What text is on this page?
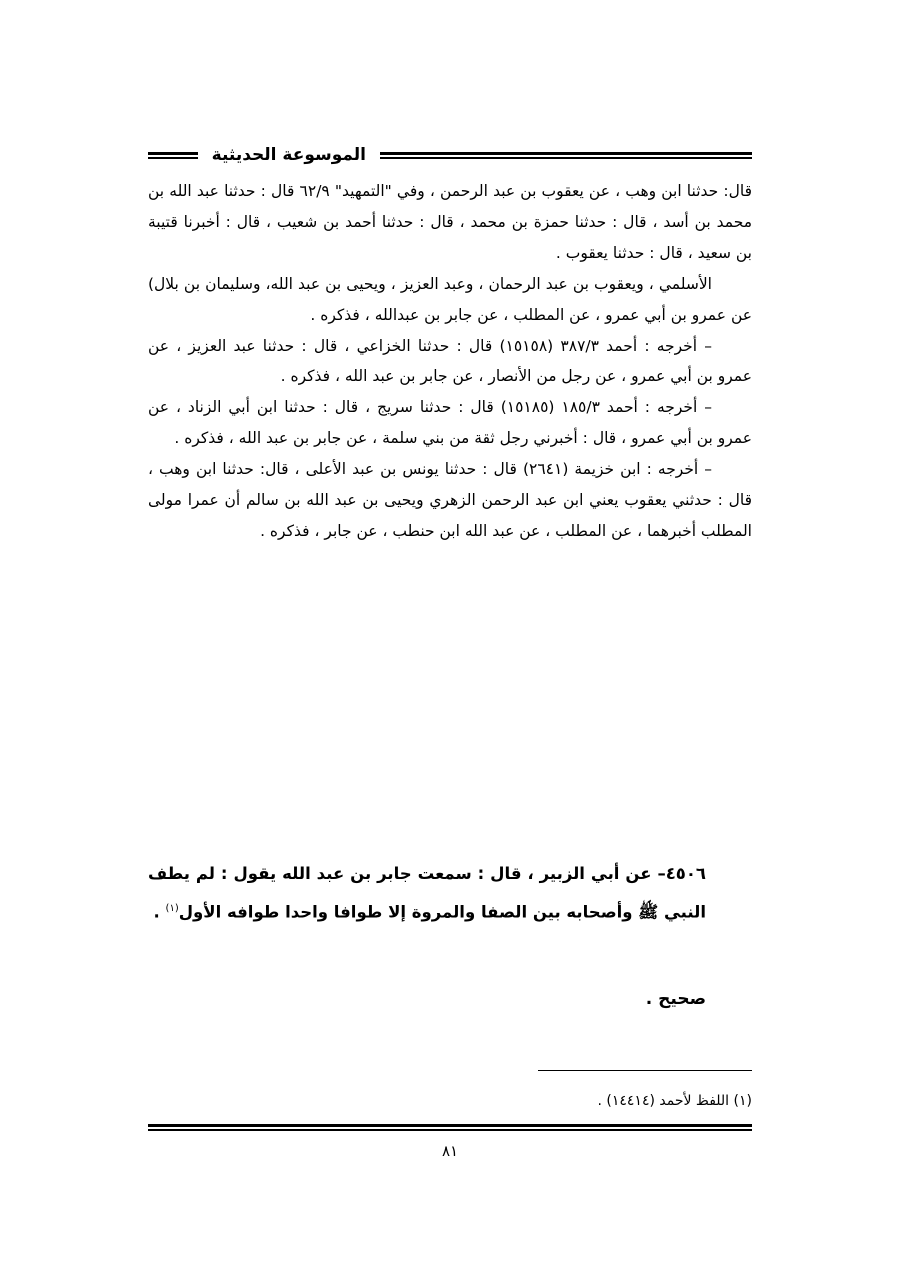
الموسوعة الحديثية

قال: حدثنا ابن وهب ، عن يعقوب بن عبد الرحمن ، وفي "التمهيد" ٦٢/٩ قال : حدثنا عبد الله بن محمد بن أسد ، قال : حدثنا حمزة بن محمد ، قال : حدثنا أحمد بن شعيب ، قال : أخبرنا قتيبة بن سعيد ، قال : حدثنا يعقوب .

الأسلمي ، ويعقوب بن عبد الرحمان ، وعبد العزيز ، ويحيى بن عبد الله، وسليمان بن بلال) عن عمرو بن أبي عمرو ، عن المطلب ، عن جابر بن عبدالله ، فذكره .

– أخرجه : أحمد ٣٨٧/٣ (١٥١٥٨) قال : حدثنا الخزاعي ، قال : حدثنا عبد العزيز ، عن عمرو بن أبي عمرو ، عن رجل من الأنصار ، عن جابر بن عبد الله ، فذكره .

– أخرجه : أحمد ١٨٥/٣ (١٥١٨٥) قال : حدثنا سريج ، قال : حدثنا ابن أبي الزناد ، عن عمرو بن أبي عمرو ، قال : أخبرني رجل ثقة من بني سلمة ، عن جابر بن عبد الله ، فذكره .

– أخرجه : ابن خزيمة (٢٦٤١) قال : حدثنا يونس بن عبد الأعلى ، قال: حدثنا ابن وهب ، قال : حدثني يعقوب يعني ابن عبد الرحمن الزهري ويحيى بن عبد الله بن سالم أن عمرا مولى المطلب أخبرهما ، عن المطلب ، عن عبد الله ابن حنطب ، عن جابر ، فذكره .

٤٥٠٦– عن أبي الزبير ، قال : سمعت جابر بن عبد الله يقول : لم يطف النبي ﷺ وأصحابه بين الصفا والمروة إلا طوافا واحدا طوافه الأول$^{(١)}$ .

صحيح .
(١) اللفظ لأحمد (١٤٤١٤) .
٨١
